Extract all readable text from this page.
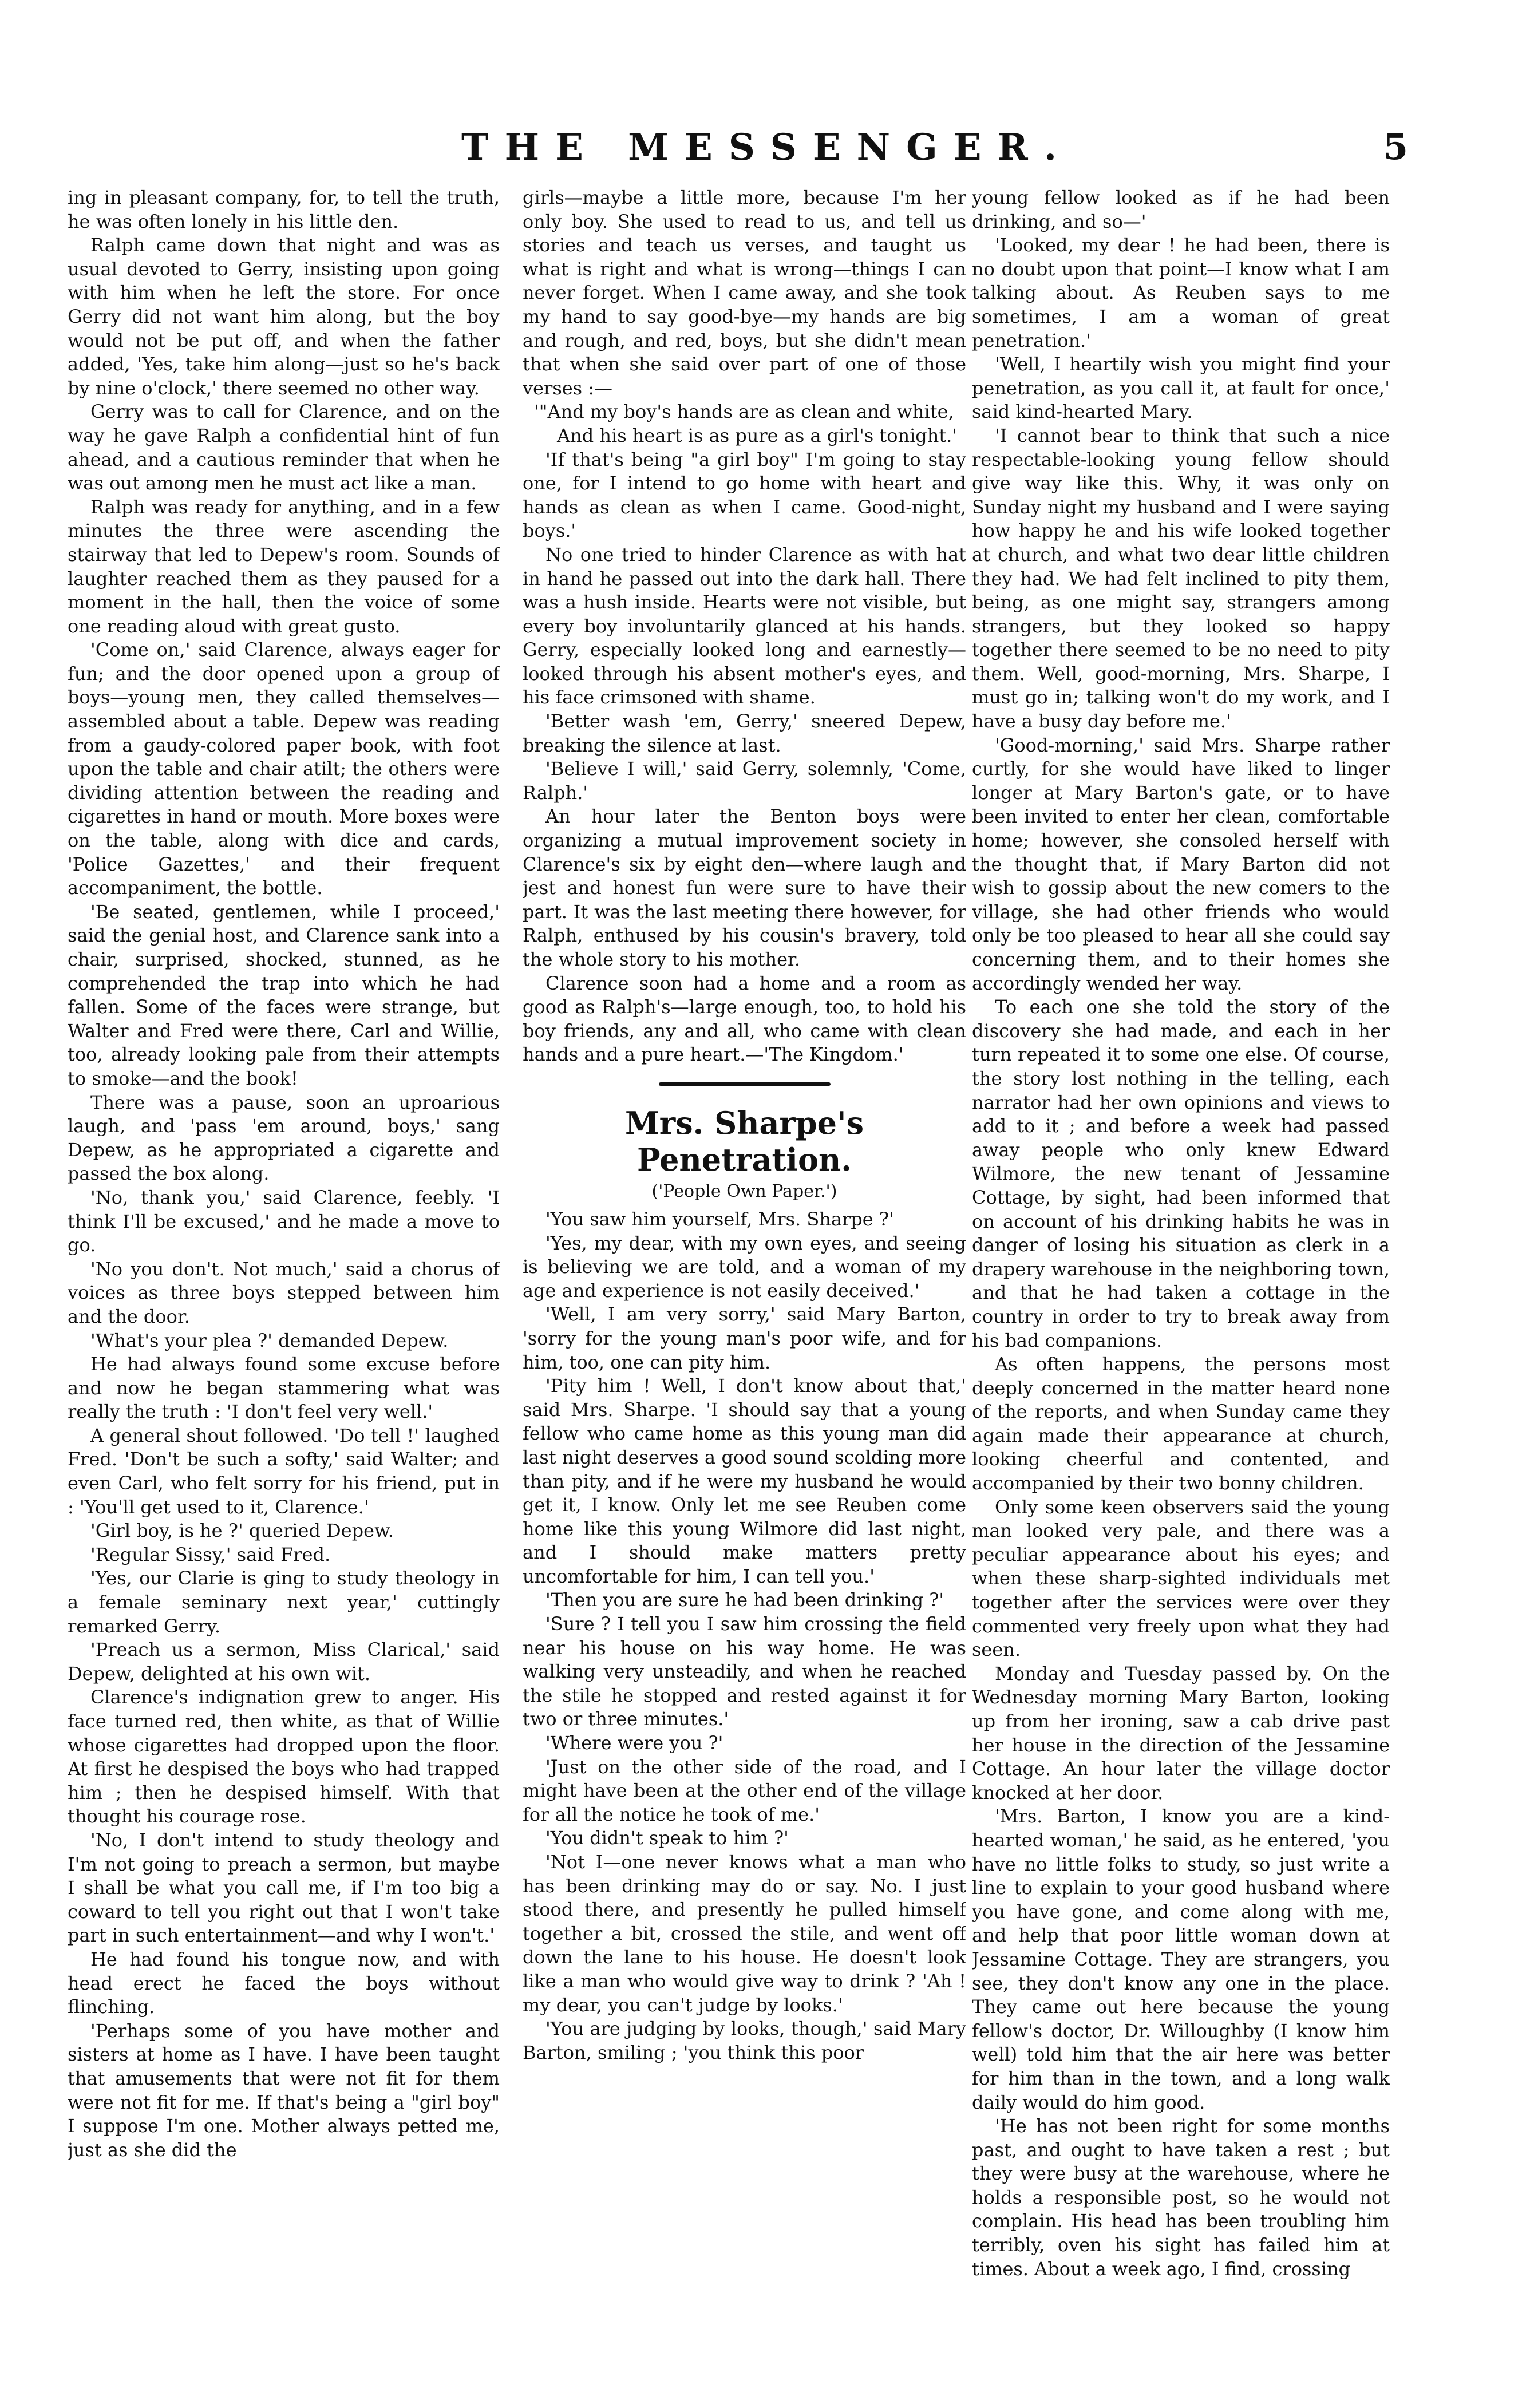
THE MESSENGER.	5

ing in pleasant company, for, to tell the truth, he was often lonely in his little den.

Ralph came down that night and was as usual devoted to Gerry, insisting upon going with him when he left the store. For once Gerry did not want him along, but the boy would not be put off, and when the father added, 'Yes, take him along—just so he's back by nine o'clock,' there seemed no other way.

Gerry was to call for Clarence, and on the way he gave Ralph a confidential hint of fun ahead, and a cautious reminder that when he was out among men he must act like a man.

Ralph was ready for anything, and in a few minutes the three were ascending the stairway that led to Depew's room. Sounds of laughter reached them as they paused for a moment in the hall, then the voice of some one reading aloud with great gusto.

'Come on,' said Clarence, always eager for fun; and the door opened upon a group of boys—young men, they called themselves—assembled about a table. Depew was reading from a gaudy-colored paper book, with foot upon the table and chair atilt; the others were dividing attention between the reading and cigarettes in hand or mouth. More boxes were on the table, along with dice and cards, 'Police Gazettes,' and their frequent accompaniment, the bottle.

'Be seated, gentlemen, while I proceed,' said the genial host, and Clarence sank into a chair, surprised, shocked, stunned, as he comprehended the trap into which he had fallen. Some of the faces were strange, but Walter and Fred were there, Carl and Willie, too, already looking pale from their attempts to smoke—and the book!

There was a pause, soon an uproarious laugh, and 'pass 'em around, boys,' sang Depew, as he appropriated a cigarette and passed the box along.

'No, thank you,' said Clarence, feebly. 'I think I'll be excused,' and he made a move to go.

'No you don't. Not much,' said a chorus of voices as three boys stepped between him and the door.

'What's your plea ?' demanded Depew.

He had always found some excuse before and now he began stammering what was really the truth : 'I don't feel very well.'

A general shout followed. 'Do tell !' laughed Fred. 'Don't be such a softy,' said Walter; and even Carl, who felt sorry for his friend, put in : 'You'll get used to it, Clarence.'

'Girl boy, is he ?' queried Depew.

'Regular Sissy,' said Fred.

'Yes, our Clarie is ging to study theology in a female seminary next year,' cuttingly remarked Gerry.

'Preach us a sermon, Miss Clarical,' said Depew, delighted at his own wit.

Clarence's indignation grew to anger. His face turned red, then white, as that of Willie whose cigarettes had dropped upon the floor. At first he despised the boys who had trapped him ; then he despised himself. With that thought his courage rose.

'No, I don't intend to study theology and I'm not going to preach a sermon, but maybe I shall be what you call me, if I'm too big a coward to tell you right out that I won't take part in such entertainment—and why I won't.'

He had found his tongue now, and with head erect he faced the boys without flinching.

'Perhaps some of you have mother and sisters at home as I have. I have been taught that amusements that were not fit for them were not fit for me. If that's being a "girl boy" I suppose I'm one. Mother always petted me, just as she did the

girls—maybe a little more, because I'm her only boy. She used to read to us, and tell us stories and teach us verses, and taught us what is right and what is wrong—things I can never forget. When I came away, and she took my hand to say good-bye—my hands are big and rough, and red, boys, but she didn't mean that when she said over part of one of those verses :—

'"And my boy's hands are as clean and white,

And his heart is as pure as a girl's tonight.'

'If that's being "a girl boy" I'm going to stay one, for I intend to go home with heart and hands as clean as when I came. Good-night, boys.'

No one tried to hinder Clarence as with hat in hand he passed out into the dark hall. There was a hush inside. Hearts were not visible, but every boy involuntarily glanced at his hands. Gerry, especially looked long and earnestly—looked through his absent mother's eyes, and his face crimsoned with shame.

'Better wash 'em, Gerry,' sneered Depew, breaking the silence at last.

'Believe I will,' said Gerry, solemnly, 'Come, Ralph.'

An hour later the Benton boys were organizing a mutual improvement society in Clarence's six by eight den—where laugh and jest and honest fun were sure to have their part. It was the last meeting there however, for Ralph, enthused by his cousin's bravery, told the whole story to his mother.

Clarence soon had a home and a room as good as Ralph's—large enough, too, to hold his boy friends, any and all, who came with clean hands and a pure heart.—'The Kingdom.'

Mrs. Sharpe's Penetration.
('People Own Paper.')

'You saw him yourself, Mrs. Sharpe ?'

'Yes, my dear, with my own eyes, and seeing is believing we are told, and a woman of my age and experience is not easily deceived.'

'Well, I am very sorry,' said Mary Barton, 'sorry for the young man's poor wife, and for him, too, one can pity him.

'Pity him ! Well, I don't know about that,' said Mrs. Sharpe. 'I should say that a young fellow who came home as this young man did last night deserves a good sound scolding more than pity, and if he were my husband he would get it, I know. Only let me see Reuben come home like this young Wilmore did last night, and I should make matters pretty uncomfortable for him, I can tell you.'

'Then you are sure he had been drinking ?'

'Sure ? I tell you I saw him crossing the field near his house on his way home. He was walking very unsteadily, and when he reached the stile he stopped and rested against it for two or three minutes.'

'Where were you ?'

'Just on the other side of the road, and I might have been at the other end of the village for all the notice he took of me.'

'You didn't speak to him ?'

'Not I—one never knows what a man who has been drinking may do or say. No. I just stood there, and presently he pulled himself together a bit, crossed the stile, and went off down the lane to his house. He doesn't look like a man who would give way to drink ? 'Ah ! my dear, you can't judge by looks.'

'You are judging by looks, though,' said Mary Barton, smiling ; 'you think this poor

young fellow looked as if he had been drinking, and so—'

'Looked, my dear ! he had been, there is no doubt upon that point—I know what I am talking about. As Reuben says to me sometimes, I am a woman of great penetration.'

'Well, I heartily wish you might find your penetration, as you call it, at fault for once,' said kind-hearted Mary.

'I cannot bear to think that such a nice respectable-looking young fellow should give way like this. Why, it was only on Sunday night my husband and I were saying how happy he and his wife looked together at church, and what two dear little children they had. We had felt inclined to pity them, being, as one might say, strangers among strangers, but they looked so happy together there seemed to be no need to pity them. Well, good-morning, Mrs. Sharpe, I must go in; talking won't do my work, and I have a busy day before me.'

'Good-morning,' said Mrs. Sharpe rather curtly, for she would have liked to linger longer at Mary Barton's gate, or to have been invited to enter her clean, comfortable home; however, she consoled herself with the thought that, if Mary Barton did not wish to gossip about the new comers to the village, she had other friends who would only be too pleased to hear all she could say concerning them, and to their homes she accordingly wended her way.

To each one she told the story of the discovery she had made, and each in her turn repeated it to some one else. Of course, the story lost nothing in the telling, each narrator had her own opinions and views to add to it ; and before a week had passed away people who only knew Edward Wilmore, the new tenant of Jessamine Cottage, by sight, had been informed that on account of his drinking habits he was in danger of losing his situation as clerk in a drapery warehouse in the neighboring town, and that he had taken a cottage in the country in order to try to break away from his bad companions.

As often happens, the persons most deeply concerned in the matter heard none of the reports, and when Sunday came they again made their appearance at church, looking cheerful and contented, and accompanied by their two bonny children.

Only some keen observers said the young man looked very pale, and there was a peculiar appearance about his eyes; and when these sharp-sighted individuals met together after the services were over they commented very freely upon what they had seen.

Monday and Tuesday passed by. On the Wednesday morning Mary Barton, looking up from her ironing, saw a cab drive past her house in the direction of the Jessamine Cottage. An hour later the village doctor knocked at her door.

'Mrs. Barton, I know you are a kind-hearted woman,' he said, as he entered, 'you have no little folks to study, so just write a line to explain to your good husband where you have gone, and come along with me, and help that poor little woman down at Jessamine Cottage. They are strangers, you see, they don't know any one in the place. They came out here because the young fellow's doctor, Dr. Willoughby (I know him well) told him that the air here was better for him than in the town, and a long walk daily would do him good.

'He has not been right for some months past, and ought to have taken a rest ; but they were busy at the warehouse, where he holds a responsible post, so he would not complain. His head has been troubling him terribly, oven his sight has failed him at times. About a week ago, I find, crossing
